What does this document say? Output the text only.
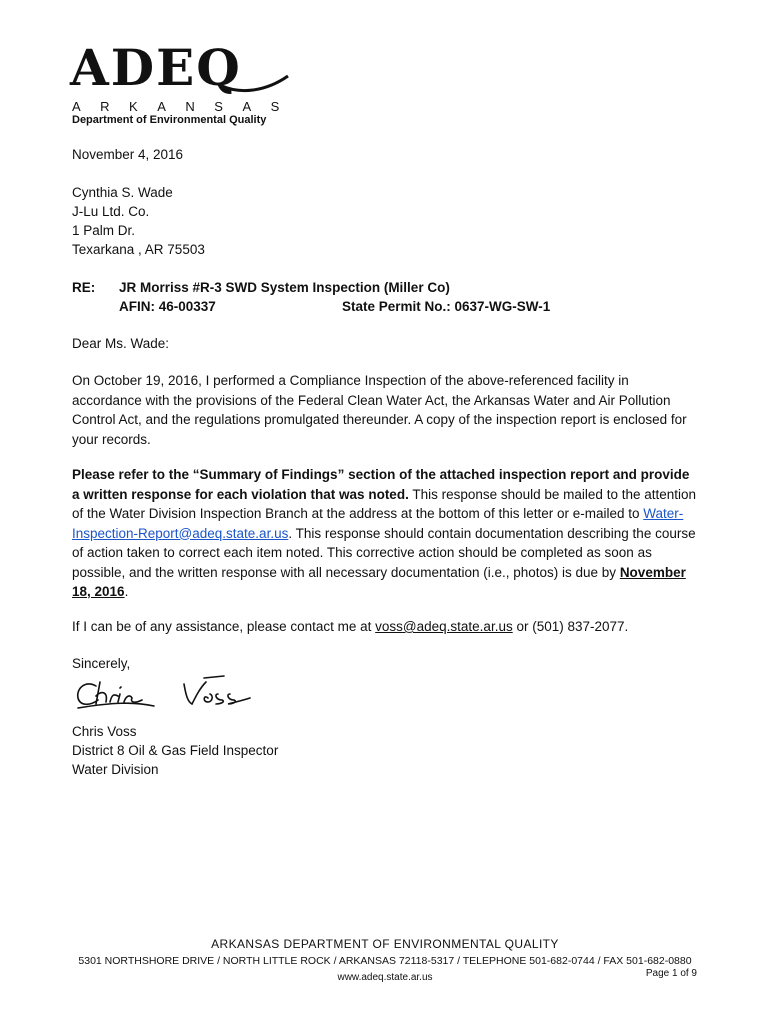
ADEQ
ARKANSAS
Department of Environmental Quality
November 4, 2016
Cynthia S. Wade
J-Lu Ltd. Co.
1 Palm Dr.
Texarkana , AR 75503
RE: JR Morriss #R-3 SWD System Inspection (Miller Co)
AFIN: 46-00337	State Permit No.: 0637-WG-SW-1
Dear Ms. Wade:
On October 19, 2016, I performed a Compliance Inspection of the above-referenced facility in accordance with the provisions of the Federal Clean Water Act, the Arkansas Water and Air Pollution Control Act, and the regulations promulgated thereunder. A copy of the inspection report is enclosed for your records.
Please refer to the “Summary of Findings” section of the attached inspection report and provide a written response for each violation that was noted. This response should be mailed to the attention of the Water Division Inspection Branch at the address at the bottom of this letter or e-mailed to Water-Inspection-Report@adeq.state.ar.us. This response should contain documentation describing the course of action taken to correct each item noted. This corrective action should be completed as soon as possible, and the written response with all necessary documentation (i.e., photos) is due by November 18, 2016.
If I can be of any assistance, please contact me at voss@adeq.state.ar.us or (501) 837-2077.
Sincerely,
Chris Voss
District 8 Oil & Gas Field Inspector
Water Division
ARKANSAS DEPARTMENT OF ENVIRONMENTAL QUALITY
5301 NORTHSHORE DRIVE / NORTH LITTLE ROCK / ARKANSAS 72118-5317 / TELEPHONE 501-682-0744 / FAX 501-682-0880
www.adeq.state.ar.us	Page 1 of 9
